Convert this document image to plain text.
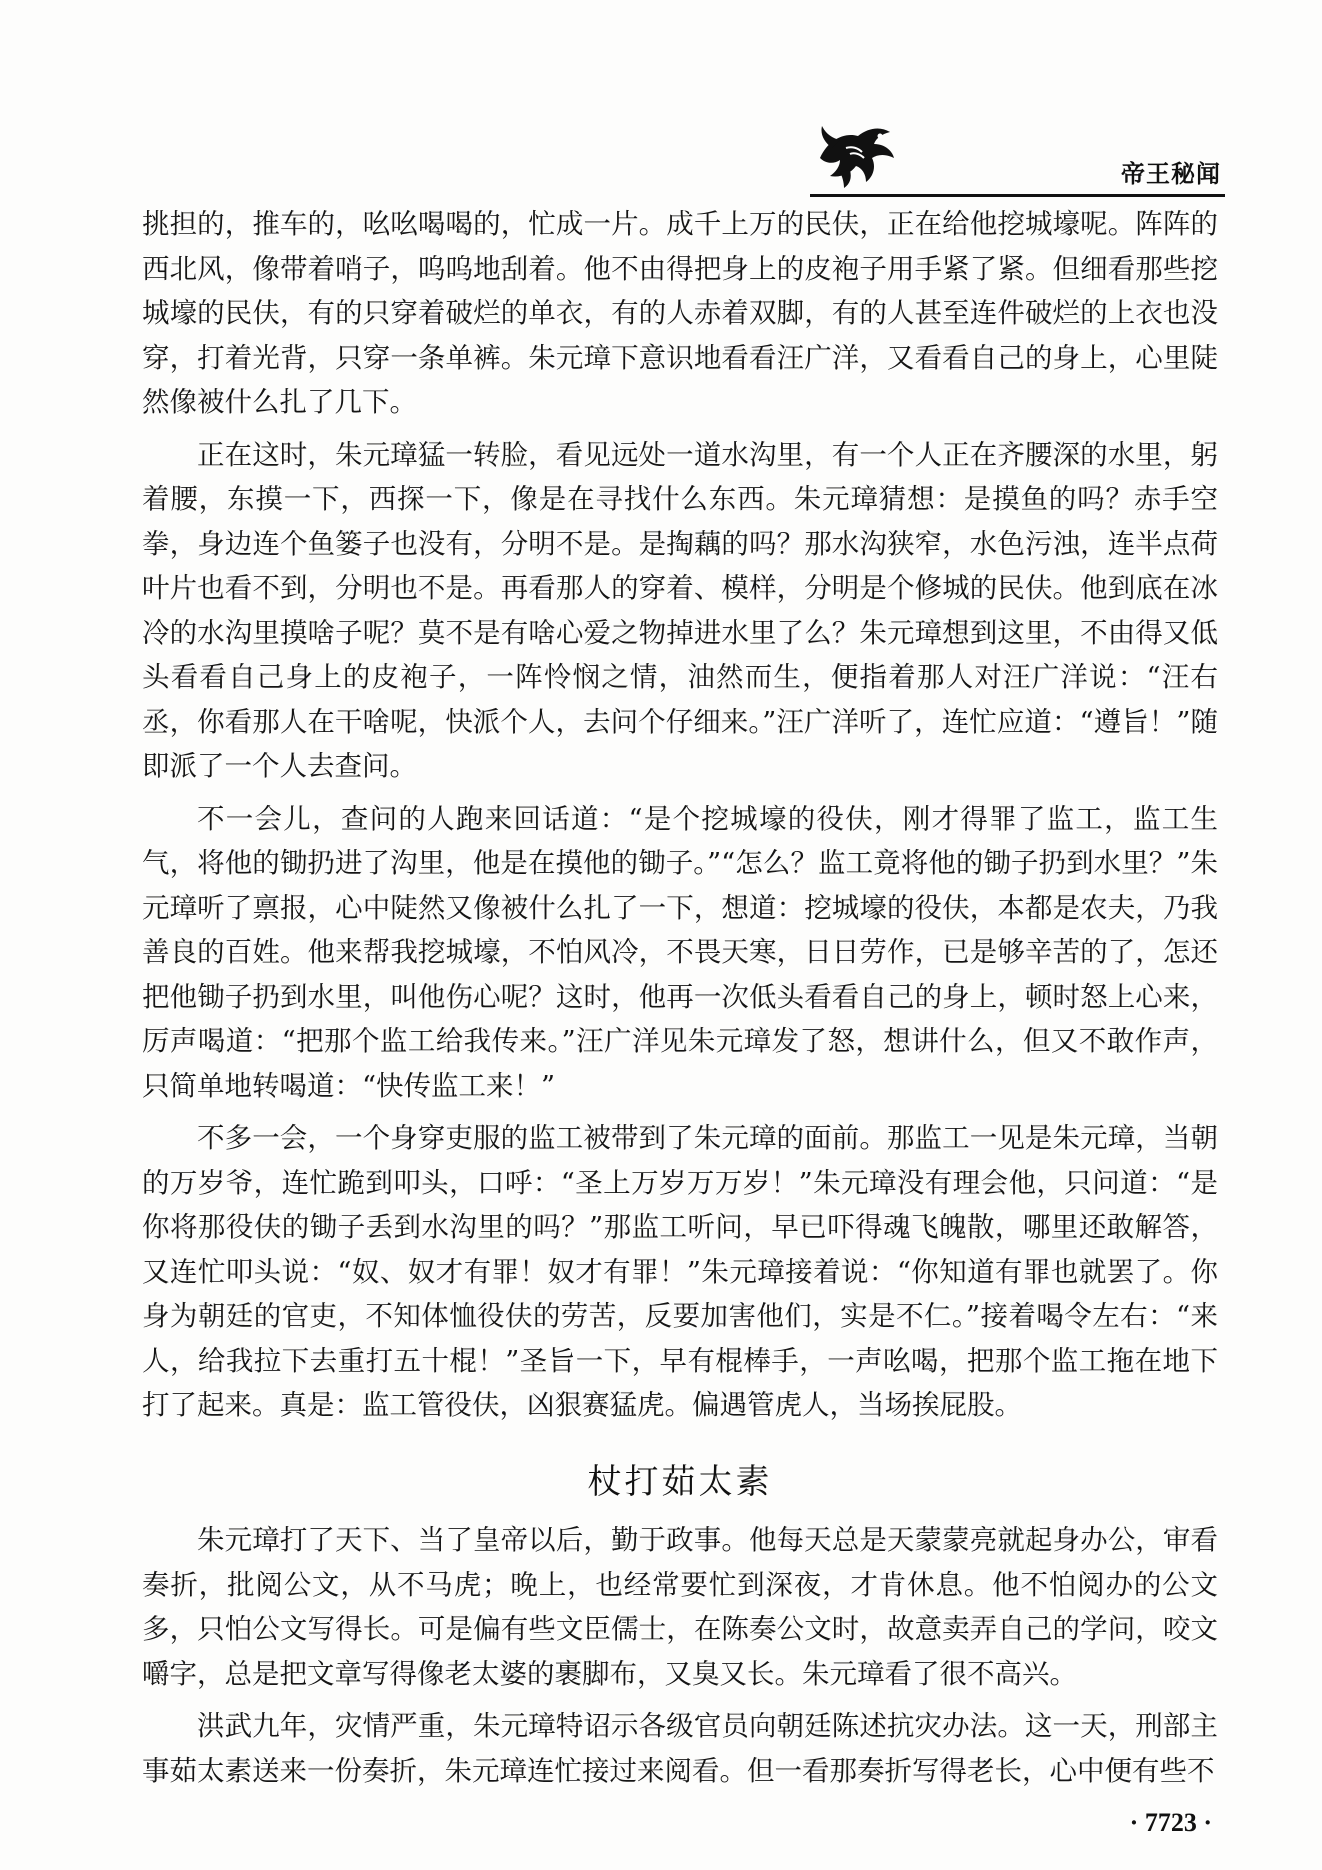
帝王秘闻

挑担的，推车的，吆吆喝喝的，忙成一片。成千上万的民伕，正在给他挖城壕呢。阵阵的西北风，像带着哨子，呜呜地刮着。他不由得把身上的皮袍子用手紧了紧。但细看那些挖城壕的民伕，有的只穿着破烂的单衣，有的人赤着双脚，有的人甚至连件破烂的上衣也没穿，打着光背，只穿一条单裤。朱元璋下意识地看看汪广洋，又看看自己的身上，心里陡然像被什么扎了几下。

正在这时，朱元璋猛一转脸，看见远处一道水沟里，有一个人正在齐腰深的水里，躬着腰，东摸一下，西探一下，像是在寻找什么东西。朱元璋猜想：是摸鱼的吗？赤手空拳，身边连个鱼篓子也没有，分明不是。是掏藕的吗？那水沟狭窄，水色污浊，连半点荷叶片也看不到，分明也不是。再看那人的穿着、模样，分明是个修城的民伕。他到底在冰冷的水沟里摸啥子呢？莫不是有啥心爱之物掉进水里了么？朱元璋想到这里，不由得又低头看看自己身上的皮袍子，一阵怜悯之情，油然而生，便指着那人对汪广洋说：“汪右丞，你看那人在干啥呢，快派个人，去问个仔细来。”汪广洋听了，连忙应道：“遵旨！”随即派了一个人去查问。

不一会儿，查问的人跑来回话道：“是个挖城壕的役伕，刚才得罪了监工，监工生气，将他的锄扔进了沟里，他是在摸他的锄子。”“怎么？监工竟将他的锄子扔到水里？”朱元璋听了禀报，心中陡然又像被什么扎了一下，想道：挖城壕的役伕，本都是农夫，乃我善良的百姓。他来帮我挖城壕，不怕风冷，不畏天寒，日日劳作，已是够辛苦的了，怎还把他锄子扔到水里，叫他伤心呢？这时，他再一次低头看看自己的身上，顿时怒上心来，厉声喝道：“把那个监工给我传来。”汪广洋见朱元璋发了怒，想讲什么，但又不敢作声，只简单地转喝道：“快传监工来！”

不多一会，一个身穿吏服的监工被带到了朱元璋的面前。那监工一见是朱元璋，当朝的万岁爷，连忙跪到叩头，口呼：“圣上万岁万万岁！”朱元璋没有理会他，只问道：“是你将那役伕的锄子丢到水沟里的吗？”那监工听问，早已吓得魂飞魄散，哪里还敢解答，又连忙叩头说：“奴、奴才有罪！奴才有罪！”朱元璋接着说：“你知道有罪也就罢了。你身为朝廷的官吏，不知体恤役伕的劳苦，反要加害他们，实是不仁。”接着喝令左右：“来人，给我拉下去重打五十棍！”圣旨一下，早有棍棒手，一声吆喝，把那个监工拖在地下打了起来。真是：监工管役伕，凶狠赛猛虎。偏遇管虎人，当场挨屁股。

杖打茹太素

朱元璋打了天下、当了皇帝以后，勤于政事。他每天总是天蒙蒙亮就起身办公，审看奏折，批阅公文，从不马虎；晚上，也经常要忙到深夜，才肯休息。他不怕阅办的公文多，只怕公文写得长。可是偏有些文臣儒士，在陈奏公文时，故意卖弄自己的学问，咬文嚼字，总是把文章写得像老太婆的裹脚布，又臭又长。朱元璋看了很不高兴。

洪武九年，灾情严重，朱元璋特诏示各级官员向朝廷陈述抗灾办法。这一天，刑部主事茹太素送来一份奏折，朱元璋连忙接过来阅看。但一看那奏折写得老长，心中便有些不

· 7723 ·
